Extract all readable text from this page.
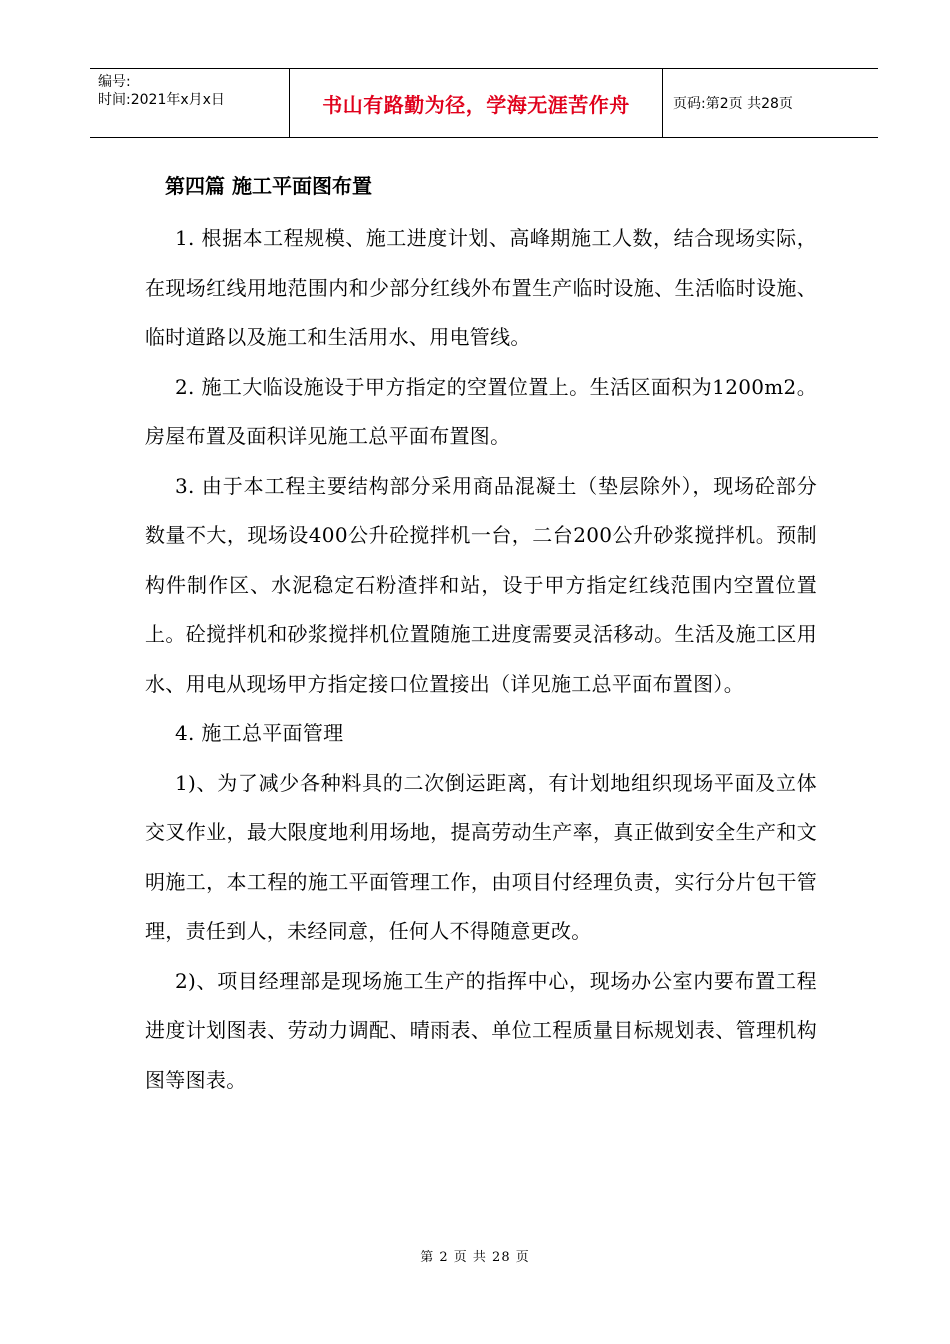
编号:
时间:2021年x月x日	书山有路勤为径，学海无涯苦作舟	页码:第2页 共28页
第四篇 施工平面图布置

1. 根据本工程规模、施工进度计划、高峰期施工人数，结合现场实际，在现场红线用地范围内和少部分红线外布置生产临时设施、生活临时设施、临时道路以及施工和生活用水、用电管线。

2. 施工大临设施设于甲方指定的空置位置上。生活区面积为1200m2。房屋布置及面积详见施工总平面布置图。

3. 由于本工程主要结构部分采用商品混凝土（垫层除外），现场砼部分数量不大，现场设400公升砼搅拌机一台，二台200公升砂浆搅拌机。预制构件制作区、水泥稳定石粉渣拌和站，设于甲方指定红线范围内空置位置上。砼搅拌机和砂浆搅拌机位置随施工进度需要灵活移动。生活及施工区用水、用电从现场甲方指定接口位置接出（详见施工总平面布置图）。

4. 施工总平面管理

1)、为了减少各种料具的二次倒运距离，有计划地组织现场平面及立体交叉作业，最大限度地利用场地，提高劳动生产率，真正做到安全生产和文明施工，本工程的施工平面管理工作，由项目付经理负责，实行分片包干管理，责任到人，未经同意，任何人不得随意更改。

2)、项目经理部是现场施工生产的指挥中心，现场办公室内要布置工程进度计划图表、劳动力调配、晴雨表、单位工程质量目标规划表、管理机构图等图表。

第 2 页 共 28 页
